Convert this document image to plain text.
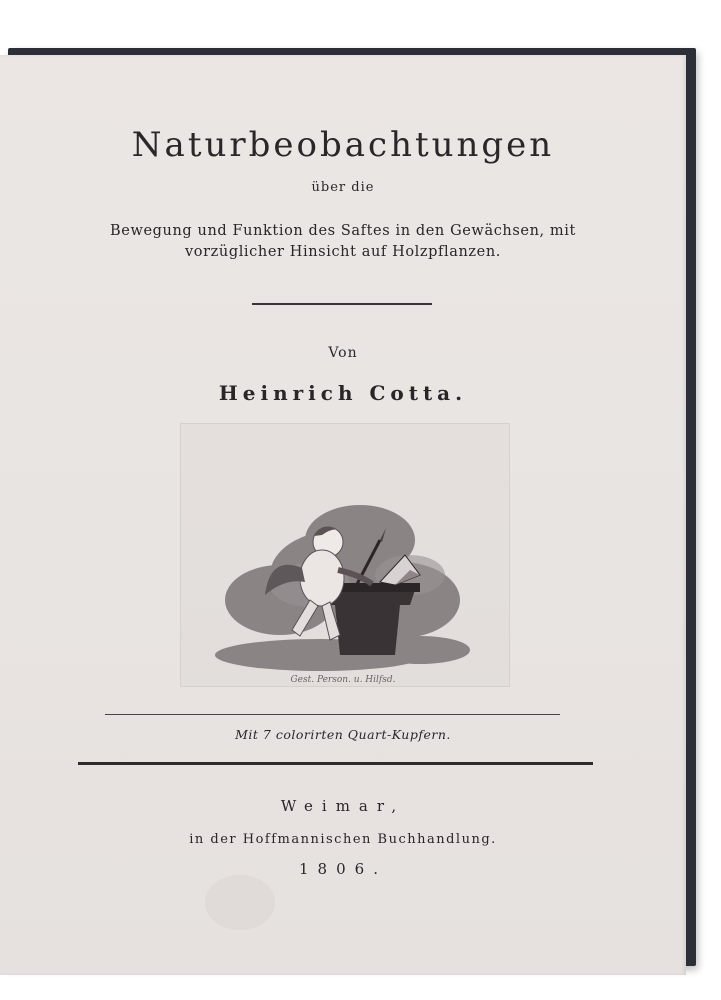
Naturbeobachtungen
über die
Bewegung und Funktion des Saftes in den Gewächsen, mit
vorzüglicher Hinsicht auf Holzpflanzen.
Von
Heinrich Cotta.
Gest. Person. u. Hilfsd.
Mit 7 colorirten Quart-Kupfern.
Weimar,
in der Hoffmannischen Buchhandlung.
1806.
